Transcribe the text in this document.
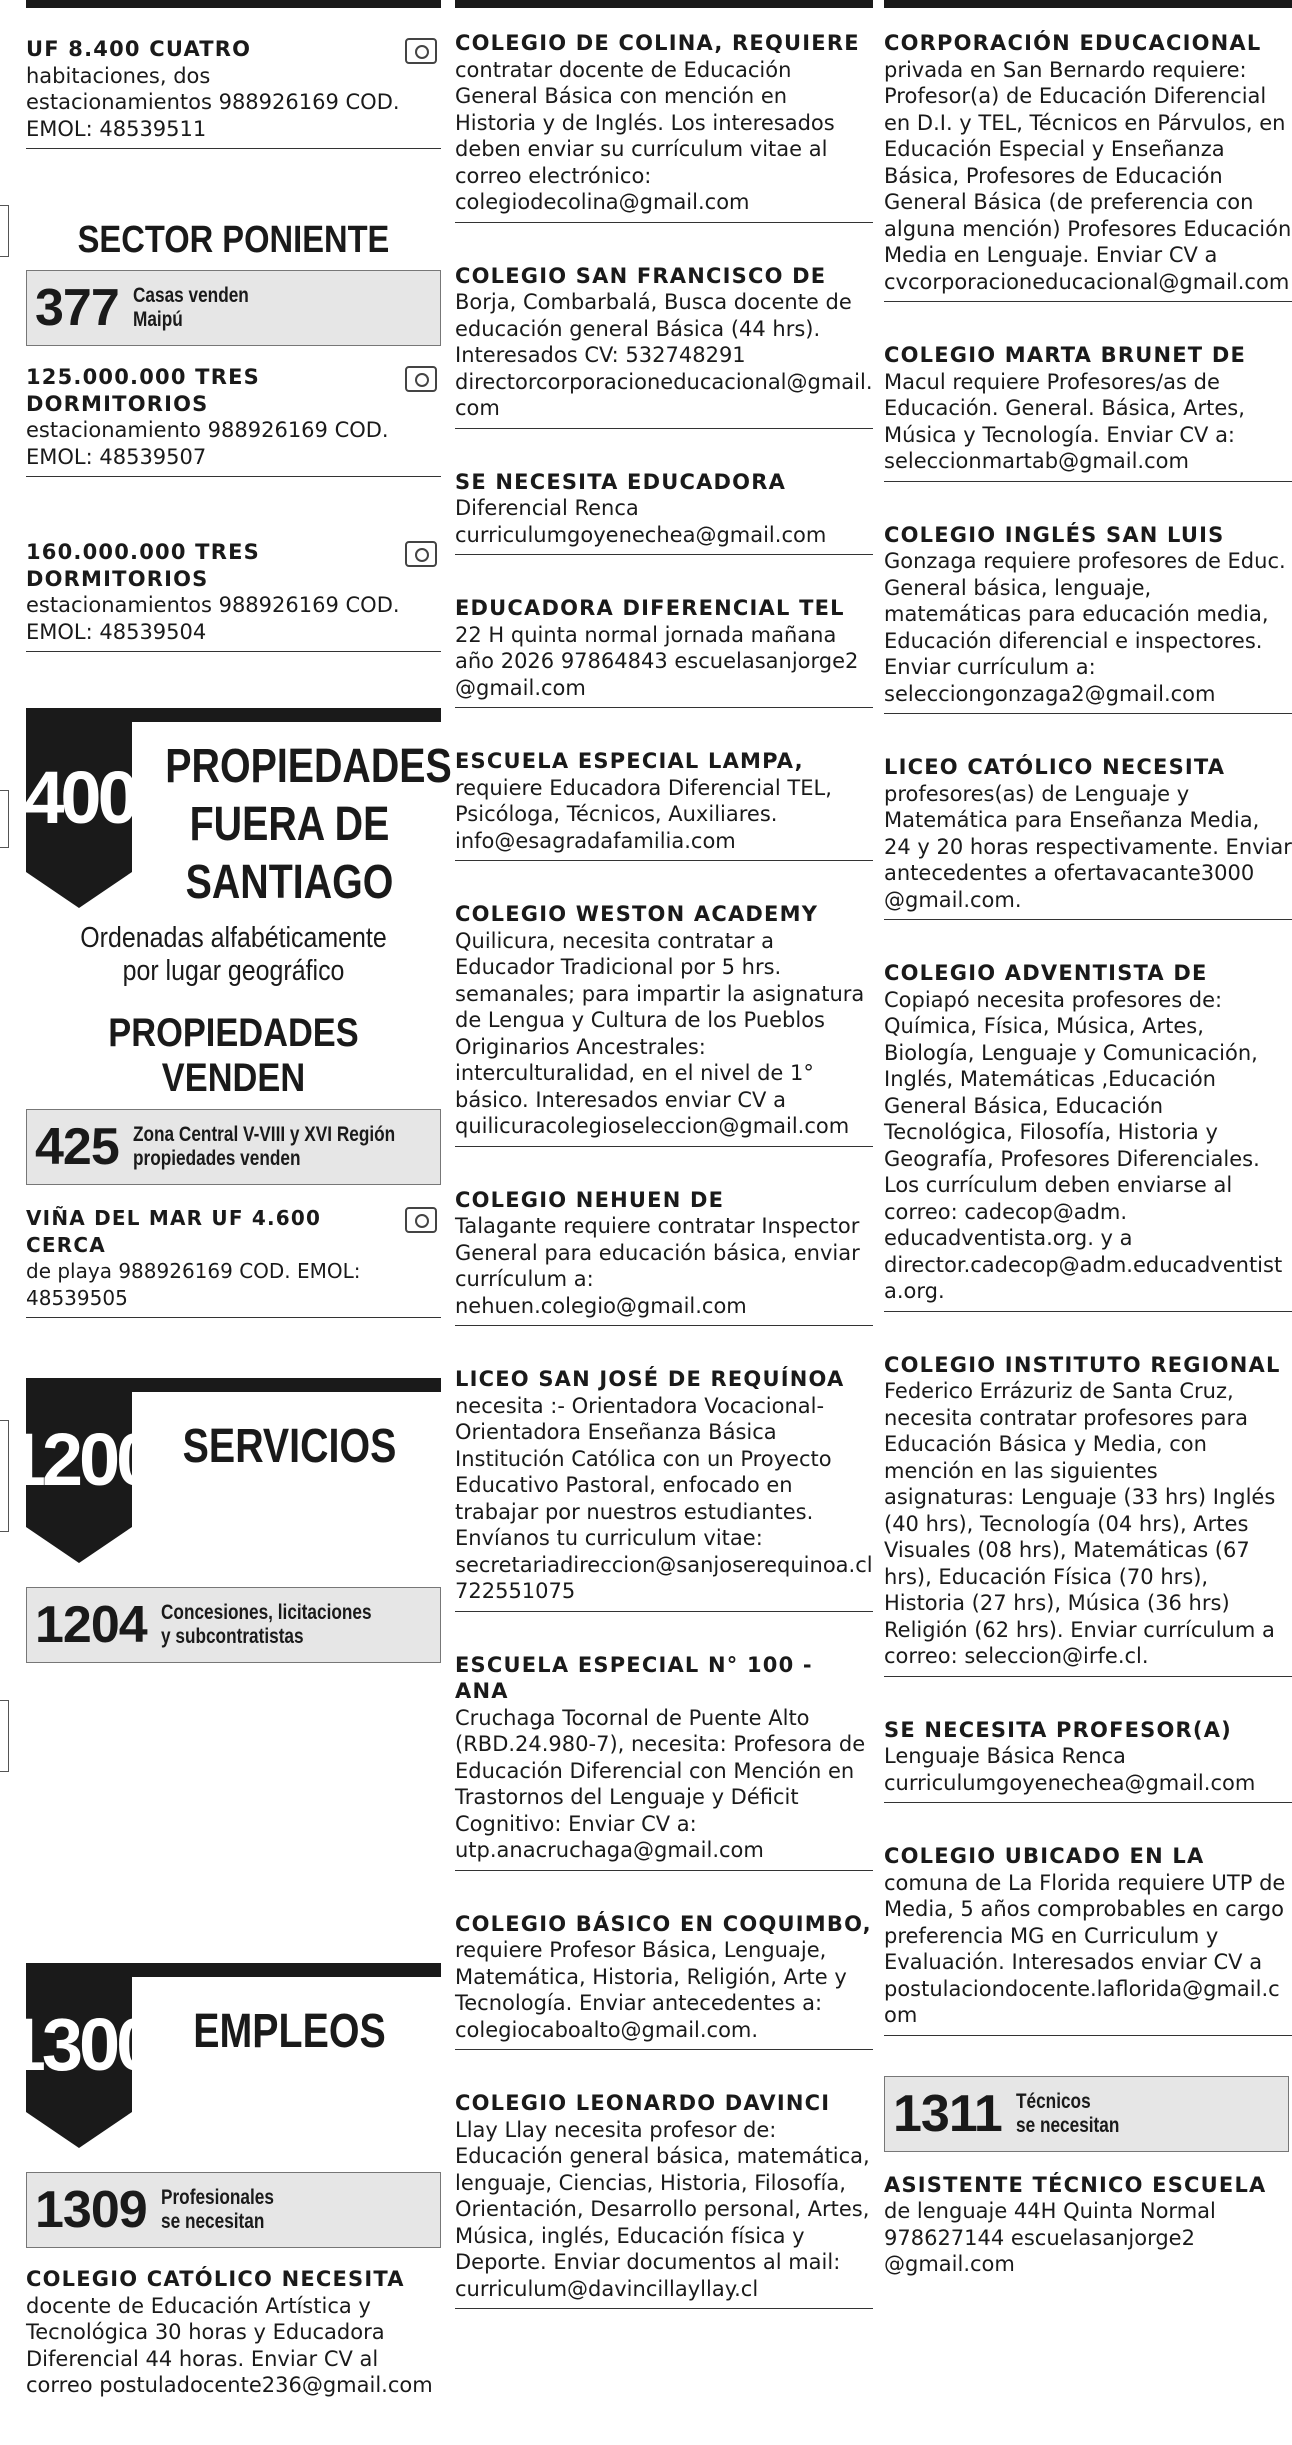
UF 8.400 CUATRO
habitaciones, dos estacionamientos 988926169 COD. EMOL: 48539511
SECTOR PONIENTE
377 Casas venden
Maipú
125.000.000 TRES DORMITORIOS
estacionamiento 988926169 COD. EMOL: 48539507
160.000.000 TRES DORMITORIOS
estacionamientos 988926169 COD. EMOL: 48539504
400 PROPIEDADES
FUERA DE
SANTIAGO
Ordenadas alfabéticamente
por lugar geográfico
PROPIEDADES VENDEN
425 Zona Central V-VIII y XVI Región
propiedades venden
VIÑA DEL MAR UF 4.600 CERCA
de playa 988926169 COD. EMOL: 48539505
1200 SERVICIOS
1204 Concesiones, licitaciones
y subcontratistas
1300 EMPLEOS
1309 Profesionales
se necesitan
COLEGIO CATÓLICO NECESITA
docente de Educación Artística y Tecnológica 30 horas y Educadora Diferencial 44 horas. Enviar CV al correo postuladocente236@gmail.com
COLEGIO DE COLINA, REQUIERE
contratar docente de Educación General Básica con mención en Historia y de Inglés. Los interesados deben enviar su currículum vitae al correo electrónico: colegiodecolina@gmail.com
COLEGIO SAN FRANCISCO DE
Borja, Combarbalá, Busca docente de educación general Básica (44 hrs). Interesados CV: 532748291 directorcorporacioneducacional@gmail.com
SE NECESITA EDUCADORA
Diferencial Renca curriculumgoyenechea@gmail.com
EDUCADORA DIFERENCIAL TEL
22 H quinta normal jornada mañana año 2026 97864843 escuelasanjorge2 @gmail.com
ESCUELA ESPECIAL LAMPA,
requiere Educadora Diferencial TEL, Psicóloga, Técnicos, Auxiliares. info@esagradafamilia.com
COLEGIO WESTON ACADEMY
Quilicura, necesita contratar a Educador Tradicional por 5 hrs. semanales; para impartir la asignatura de Lengua y Cultura de los Pueblos Originarios Ancestrales: interculturalidad, en el nivel de 1° básico. Interesados enviar CV a quilicuracolegioseleccion@gmail.com
COLEGIO NEHUEN DE
Talagante requiere contratar Inspector General para educación básica, enviar currículum a: nehuen.colegio@gmail.com
LICEO SAN JOSÉ DE REQUÍNOA
necesita :- Orientadora Vocacional- Orientadora Enseñanza Básica Institución Católica con un Proyecto Educativo Pastoral, enfocado en trabajar por nuestros estudiantes. Envíanos tu curriculum vitae: secretariadireccion@sanjoserequinoa.cl 722551075
ESCUELA ESPECIAL N° 100 - ANA
Cruchaga Tocornal de Puente Alto (RBD.24.980-7), necesita: Profesora de Educación Diferencial con Mención en Trastornos del Lenguaje y Déficit Cognitivo: Enviar CV a: utp.anacruchaga@gmail.com
COLEGIO BÁSICO EN COQUIMBO,
requiere Profesor Básica, Lenguaje, Matemática, Historia, Religión, Arte y Tecnología. Enviar antecedentes a: colegiocaboalto@gmail.com.
COLEGIO LEONARDO DAVINCI
Llay Llay necesita profesor de: Educación general básica, matemática, lenguaje, Ciencias, Historia, Filosofía, Orientación, Desarrollo personal, Artes, Música, inglés, Educación física y Deporte. Enviar documentos al mail: curriculum@davincillayllay.cl
CORPORACIÓN EDUCACIONAL
privada en San Bernardo requiere: Profesor(a) de Educación Diferencial en D.I. y TEL, Técnicos en Párvulos, en Educación Especial y Enseñanza Básica, Profesores de Educación General Básica (de preferencia con alguna mención) Profesores Educación Media en Lenguaje. Enviar CV a cvcorporacioneducacional@gmail.com
COLEGIO MARTA BRUNET DE
Macul requiere Profesores/as de Educación. General. Básica, Artes, Música y Tecnología. Enviar CV a: seleccionmartab@gmail.com
COLEGIO INGLÉS SAN LUIS
Gonzaga requiere profesores de Educ. General básica, lenguaje, matemáticas para educación media, Educación diferencial e inspectores. Enviar currículum a: selecciongonzaga2@gmail.com
LICEO CATÓLICO NECESITA
profesores(as) de Lenguaje y Matemática para Enseñanza Media, 24 y 20 horas respectivamente. Enviar antecedentes a ofertavacante3000 @gmail.com.
COLEGIO ADVENTISTA DE
Copiapó necesita profesores de: Química, Física, Música, Artes, Biología, Lenguaje y Comunicación, Inglés, Matemáticas ,Educación General Básica, Educación Tecnológica, Filosofía, Historia y Geografía, Profesores Diferenciales. Los currículum deben enviarse al correo: cadecop@adm. educadventista.org. y a director.cadecop@adm.educadventista.org.
COLEGIO INSTITUTO REGIONAL
Federico Errázuriz de Santa Cruz, necesita contratar profesores para Educación Básica y Media, con mención en las siguientes asignaturas: Lenguaje (33 hrs) Inglés (40 hrs), Tecnología (04 hrs), Artes Visuales (08 hrs), Matemáticas (67 hrs), Educación Física (70 hrs), Historia (27 hrs), Música (36 hrs) Religión (62 hrs). Enviar currículum a correo: seleccion@irfe.cl.
SE NECESITA PROFESOR(A)
Lenguaje Básica Renca curriculumgoyenechea@gmail.com
COLEGIO UBICADO EN LA
comuna de La Florida requiere UTP de Media, 5 años comprobables en cargo preferencia MG en Curriculum y Evaluación. Interesados enviar CV a postulaciondocente.laflorida@gmail.com
1311 Técnicos
se necesitan
ASISTENTE TÉCNICO ESCUELA
de lenguaje 44H Quinta Normal 978627144 escuelasanjorge2 @gmail.com
